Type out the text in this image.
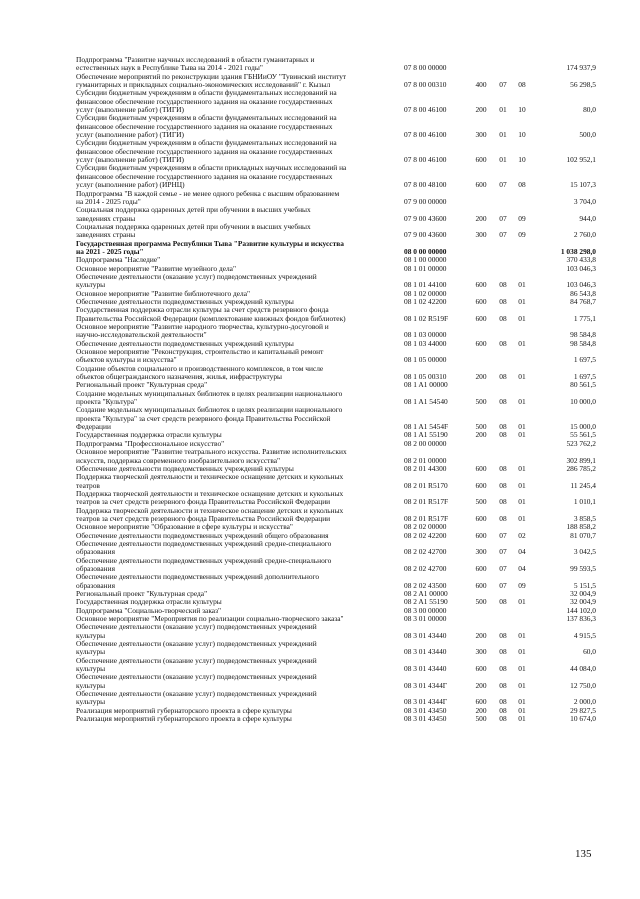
Подпрограмма "Развитие научных исследований в области гуманитарных и
естественных наук в Республике Тыва на 2014 - 2021 годы"	07 8 00 00000	174 937,9
Обеспечение мероприятий по реконструкции здания ГБНИиОУ "Тувинский институт
гуманитарных и прикладных социально-экономических исследований" г. Кызыл	07 8 00 00310	400	07	08	56 298,5
Субсидии бюджетным учреждениям в области фундаментальных исследований на
финансовое обеспечение государственного задания на оказание государственных
услуг (выполнение работ) (ТИГИ)	07 8 00 46100	200	01	10	80,0
Субсидии бюджетным учреждениям в области фундаментальных исследований на
финансовое обеспечение государственного задания на оказание государственных
услуг (выполнение работ) (ТИГИ)	07 8 00 46100	300	01	10	500,0
Субсидии бюджетным учреждениям в области фундаментальных исследований на
финансовое обеспечение государственного задания на оказание государственных
услуг (выполнение работ) (ТИГИ)	07 8 00 46100	600	01	10	102 952,1
Субсидии бюджетным учреждениям в области прикладных научных исследований на
финансовое обеспечение государственного задания на оказание государственных
услуг (выполнение работ) (ИРНЦ)	07 8 00 48100	600	07	08	15 107,3
Подпрограмма "В каждой семье - не менее одного ребенка с высшим образованием
на 2014 - 2025 годы"	07 9 00 00000	3 704,0
Социальная поддержка одаренных детей при обучении в высших учебных
заведениях страны	07 9 00 43600	200	07	09	944,0
Социальная поддержка одаренных детей при обучении в высших учебных
заведениях страны	07 9 00 43600	300	07	09	2 760,0
Государственная программа Республики Тыва "Развитие культуры и искусства
на 2021 - 2025 годы"	08 0 00 00000	1 038 298,0
Подпрограмма "Наследие"	08 1 00 00000	370 433,8
Основное мероприятие "Развитие музейного дела"	08 1 01 00000	103 046,3
Обеспечение деятельности (оказание услуг) подведомственных учреждений
культуры	08 1 01 44100	600	08	01	103 046,3
Основное мероприятие "Развитие библиотечного дела"	08 1 02 00000	86 543,8
Обеспечение деятельности подведомственных учреждений культуры	08 1 02 42200	600	08	01	84 768,7
Государственная поддержка отрасли культуры за счет средств резервного фонда
Правительства Российской Федерации (комплектование книжных фондов библиотек)	08 1 02 R519F	600	08	01	1 775,1
Основное мероприятие "Развитие народного творчества, культурно-досуговой и
научно-исследовательской деятельности"	08 1 03 00000	98 584,8
Обеспечение деятельности подведомственных учреждений культуры	08 1 03 44000	600	08	01	98 584,8
Основное мероприятие "Реконструкция, строительство и капитальный ремонт
объектов культуры и искусства"	08 1 05 00000	1 697,5
Создание объектов социального и производственного комплексов, в том числе
объектов общегражданского назначения, жилья, инфраструктуры	08 1 05 00310	200	08	01	1 697,5
Региональный проект "Культурная среда"	08 1 A1 00000	80 561,5
Создание модельных муниципальных библиотек в целях реализации национального
проекта "Культура"	08 1 A1 54540	500	08	01	10 000,0
Создание модельных муниципальных библиотек в целях реализации национального
проекта "Культура" за счет средств резервного фонда Правительства Российской
Федерации	08 1 A1 5454F	500	08	01	15 000,0
Государственная поддержка отрасли культуры	08 1 A1 55190	200	08	01	55 561,5
Подпрограмма "Профессиональное искусство"	08 2 00 00000	523 762,2
Основное мероприятие "Развитие театрального искусства. Развитие исполнительских
искусств, поддержка современного изобразительного искусства"	08 2 01 00000	302 899,1
Обеспечение деятельности подведомственных учреждений культуры	08 2 01 44300	600	08	01	286 785,2
Поддержка творческой деятельности и техническое оснащение детских и кукольных
театров	08 2 01 R5170	600	08	01	11 245,4
Поддержка творческой деятельности и техническое оснащение детских и кукольных
театров за счет средств резервного фонда Правительства Российской Федерации	08 2 01 R517F	500	08	01	1 010,1
Поддержка творческой деятельности и техническое оснащение детских и кукольных
театров за счет средств резервного фонда Правительства Российской Федерации	08 2 01 R517F	600	08	01	3 858,5
Основное мероприятие "Образование в сфере культуры и искусства"	08 2 02 00000	188 858,2
Обеспечение деятельности подведомственных учреждений общего образования	08 2 02 42200	600	07	02	81 070,7
Обеспечение деятельности подведомственных учреждений средне-специального
образования	08 2 02 42700	300	07	04	3 042,5
Обеспечение деятельности подведомственных учреждений средне-специального
образования	08 2 02 42700	600	07	04	99 593,5
Обеспечение деятельности подведомственных учреждений дополнительного
образования	08 2 02 43500	600	07	09	5 151,5
Региональный проект "Культурная среда"	08 2 A1 00000	32 004,9
Государственная поддержка отрасли культуры	08 2 A1 55190	500	08	01	32 004,9
Подпрограмма "Социально-творческий заказ"	08 3 00 00000	144 102,0
Основное мероприятие "Мероприятия по реализации социально-творческого заказа"	08 3 01 00000	137 836,3
Обеспечение деятельности (оказание услуг) подведомственных учреждений
культуры	08 3 01 43440	200	08	01	4 915,5
Обеспечение деятельности (оказание услуг) подведомственных учреждений
культуры	08 3 01 43440	300	08	01	60,0
Обеспечение деятельности (оказание услуг) подведомственных учреждений
культуры	08 3 01 43440	600	08	01	44 084,0
Обеспечение деятельности (оказание услуг) подведомственных учреждений
культуры	08 3 01 4344Г	200	08	01	12 750,0
Обеспечение деятельности (оказание услуг) подведомственных учреждений
культуры	08 3 01 4344Г	600	08	01	2 000,0
Реализация мероприятий губернаторского проекта в сфере культуры	08 3 01 43450	200	08	01	29 827,5
Реализация мероприятий губернаторского проекта в сфере культуры	08 3 01 43450	500	08	01	10 674,0
135
